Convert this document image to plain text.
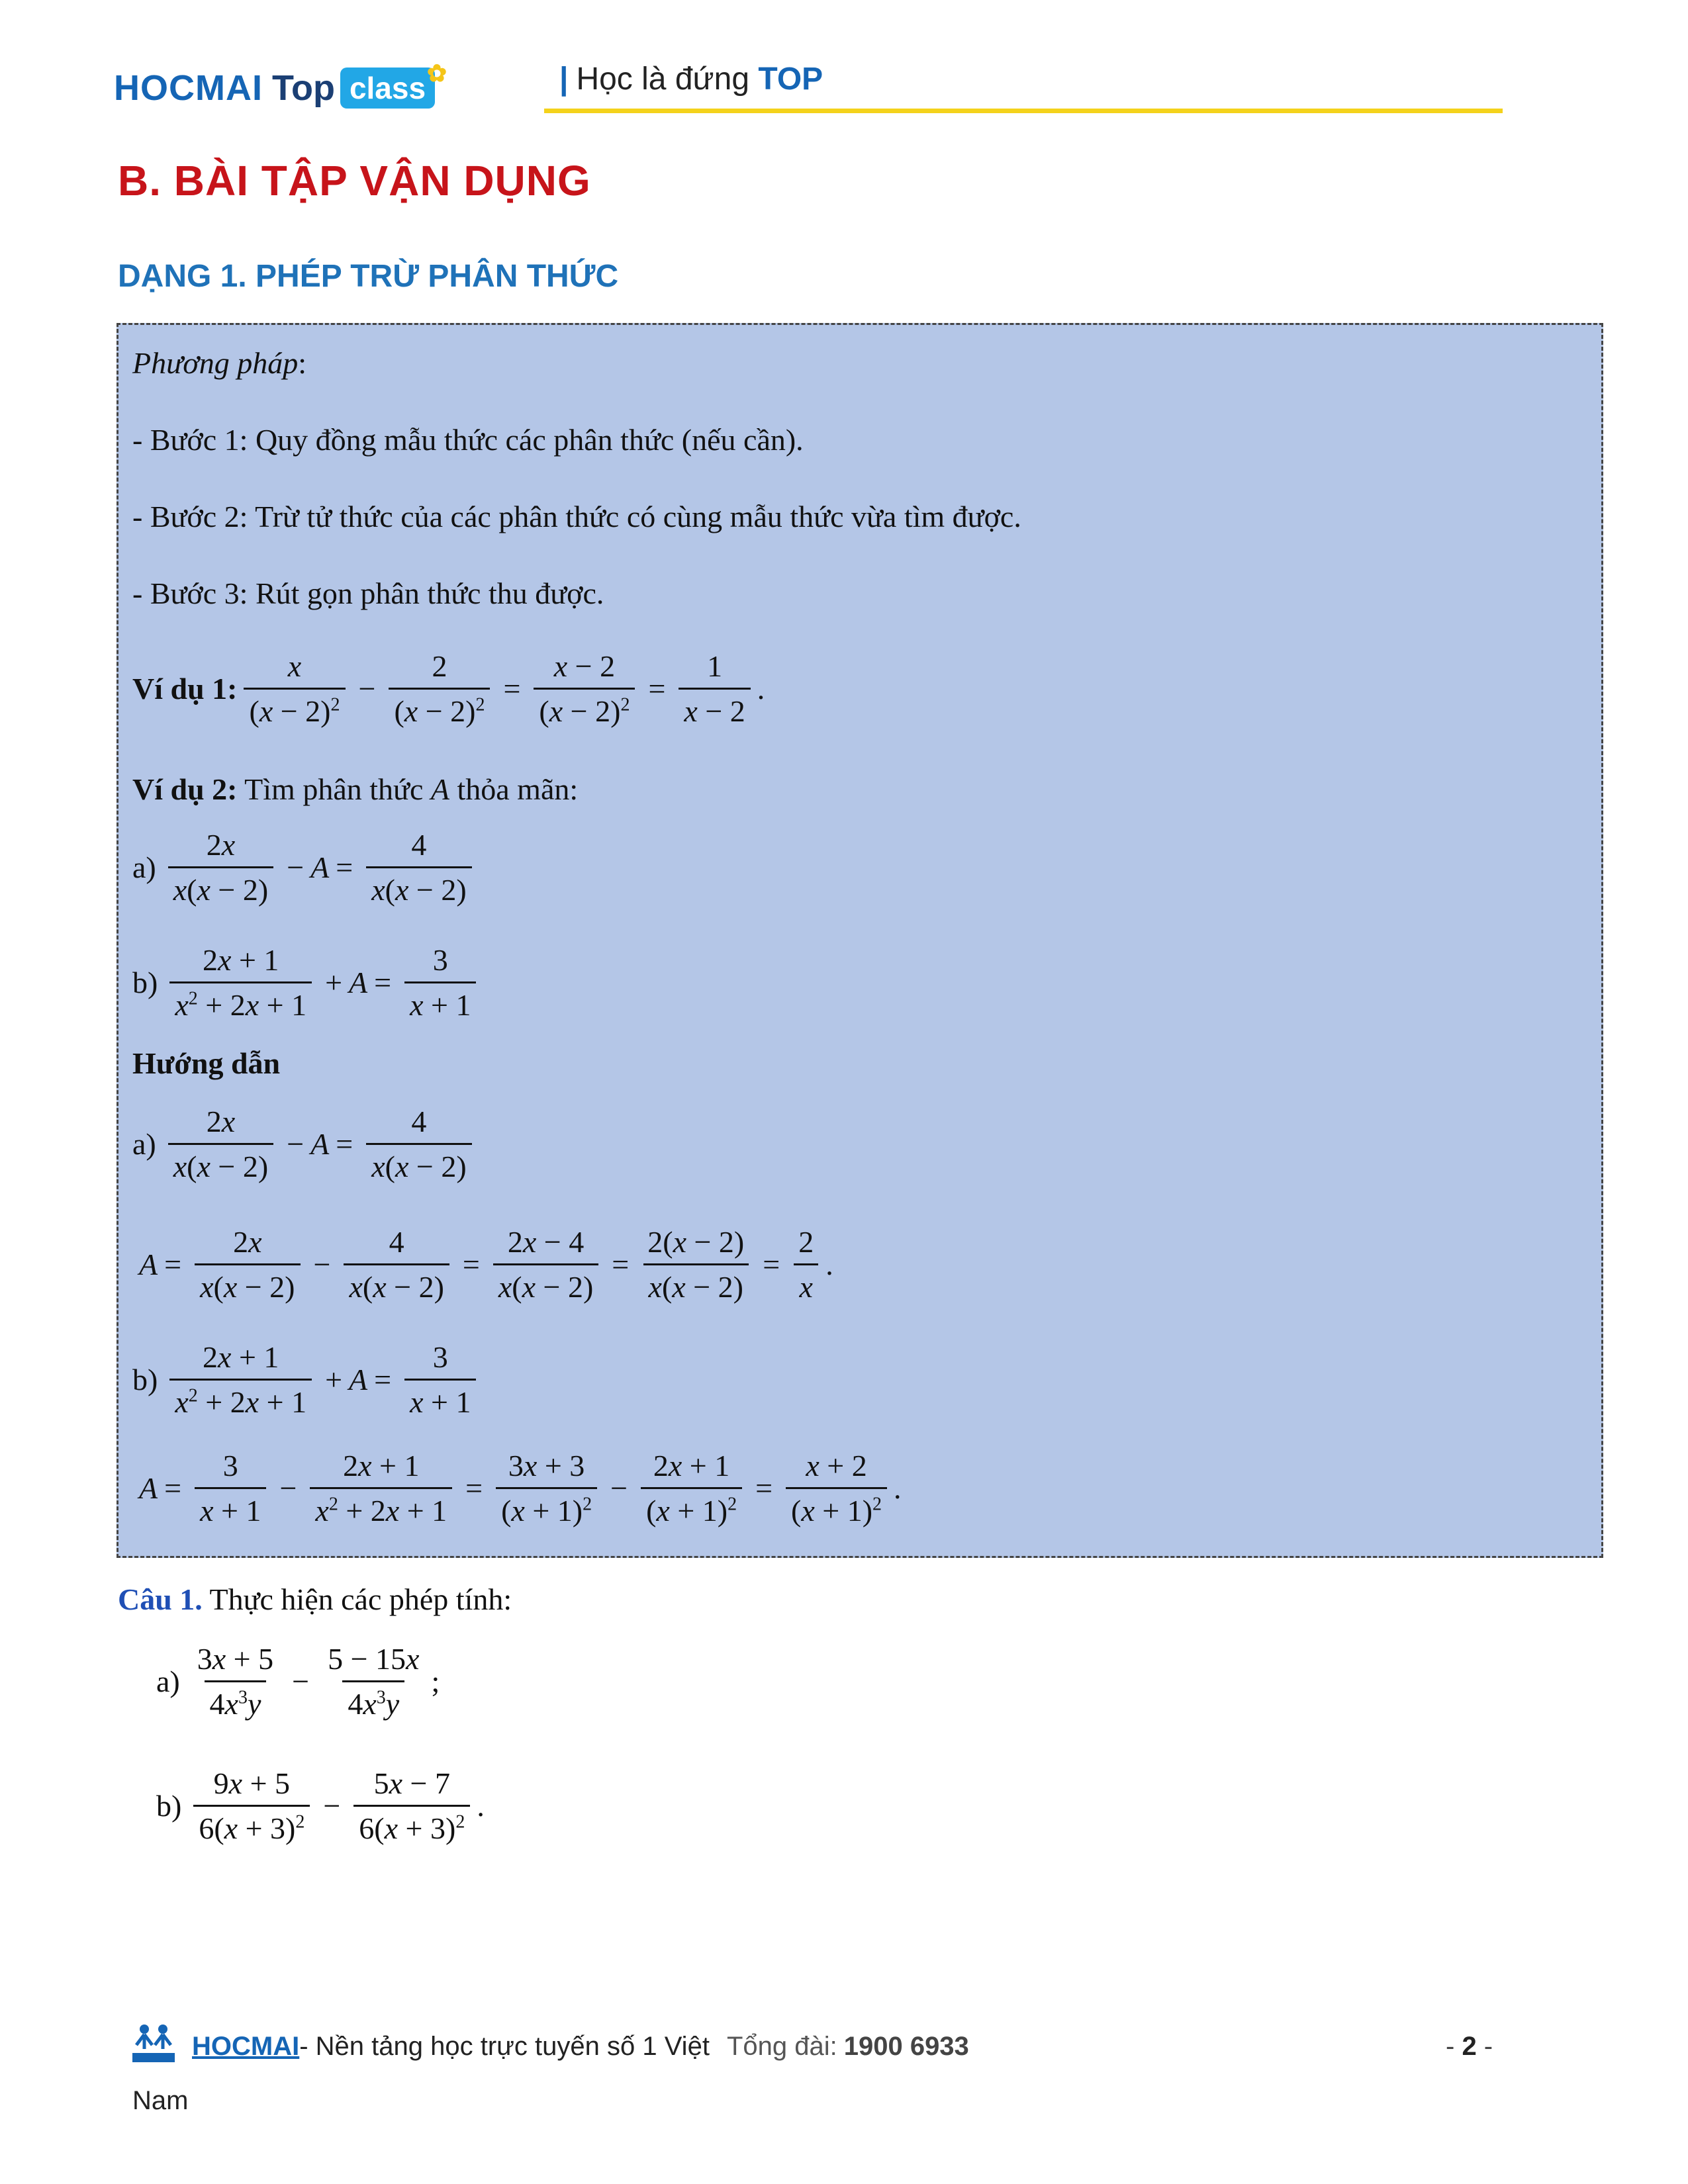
HOCMAI Top class ✿	| Học là đứng TOP
B. BÀI TẬP VẬN DỤNG
DẠNG 1. PHÉP TRỪ PHÂN THỨC
Phương pháp:
- Bước 1: Quy đồng mẫu thức các phân thức (nếu cần).
- Bước 2: Trừ tử thức của các phân thức có cùng mẫu thức vừa tìm được.
- Bước 3: Rút gọn phân thức thu được.
Ví dụ 1: $\frac{x}{(x - 2)^2} - \frac{2}{(x - 2)^2} = \frac{x - 2}{(x - 2)^2} = \frac{1}{x - 2}$ .
Ví dụ 2: Tìm phân thức A thỏa mãn:
$a) \frac{2x}{x(x - 2)} - A = \frac{4}{x(x - 2)}$
$b) \frac{2x + 1}{x^2 + 2x + 1} + A = \frac{3}{x + 1}$
Hướng dẫn
$a) \frac{2x}{x(x - 2)} - A = \frac{4}{x(x - 2)}$
$A = \frac{2x}{x(x - 2)} - \frac{4}{x(x - 2)} = \frac{2x - 4}{x(x - 2)} = \frac{2(x - 2)}{x(x - 2)} = \frac{2}{x}$ .
$b) \frac{2x + 1}{x^2 + 2x + 1} + A = \frac{3}{x + 1}$
$A = \frac{3}{x + 1} - \frac{2x + 1}{x^2 + 2x + 1} = \frac{3x + 3}{(x + 1)^2} - \frac{2x + 1}{(x + 1)^2} = \frac{x + 2}{(x + 1)^2}$ .
Câu 1. Thực hiện các phép tính:
$a) \frac{3x + 5}{4x^3y} - \frac{5 - 15x}{4x^3y}$ ;
$b) \frac{9x + 5}{6(x + 3)^2} - \frac{5x - 7}{6(x + 3)^2}$ .
HOCMAI - Nền tảng học trực tuyến số 1 Việt Tổng đài: 1900 6933	- 2 -
Nam
